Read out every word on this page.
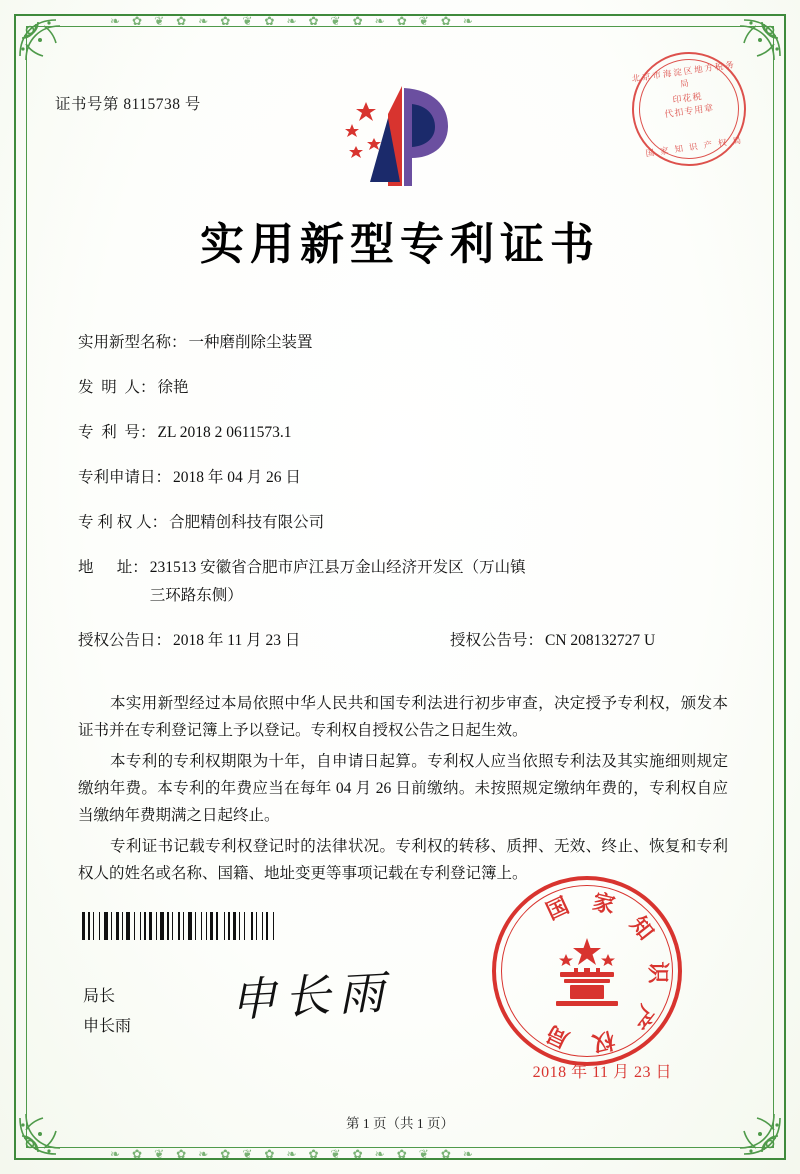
❧  ✿  ❦  ✿  ❧  ✿  ❦  ✿  ❧  ✿  ❦  ✿  ❧  ✿  ❦  ✿  ❧
❧  ✿  ❦  ✿  ❧  ✿  ❦  ✿  ❧  ✿  ❦  ✿  ❧  ✿  ❦  ✿  ❧
证书号第 8115738 号
北京市海淀区地方税务局
印花税
代扣专用章
国 家 知 识 产 权 局
实用新型专利证书
实用新型名称： 一种磨削除尘装置
发  明  人： 徐艳
专  利  号： ZL 2018 2 0611573.1
专利申请日： 2018 年 04 月 26 日
专 利 权 人： 合肥精创科技有限公司
地      址： 231513 安徽省合肥市庐江县万金山经济开发区（万山镇
三环路东侧）
授权公告日： 2018 年 11 月 23 日	授权公告号： CN 208132727 U

本实用新型经过本局依照中华人民共和国专利法进行初步审查，决定授予专利权，颁发本证书并在专利登记簿上予以登记。专利权自授权公告之日起生效。

本专利的专利权期限为十年，自申请日起算。专利权人应当依照专利法及其实施细则规定缴纳年费。本专利的年费应当在每年 04 月 26 日前缴纳。未按照规定缴纳年费的，专利权自应当缴纳年费期满之日起终止。

专利证书记载专利权登记时的法律状况。专利权的转移、质押、无效、终止、恢复和专利权人的姓名或名称、国籍、地址变更等事项记载在专利登记簿上。

局长
申长雨
申长雨
国 家
知
识
产
权
局
2018 年 11 月 23 日
第 1 页（共 1 页）
